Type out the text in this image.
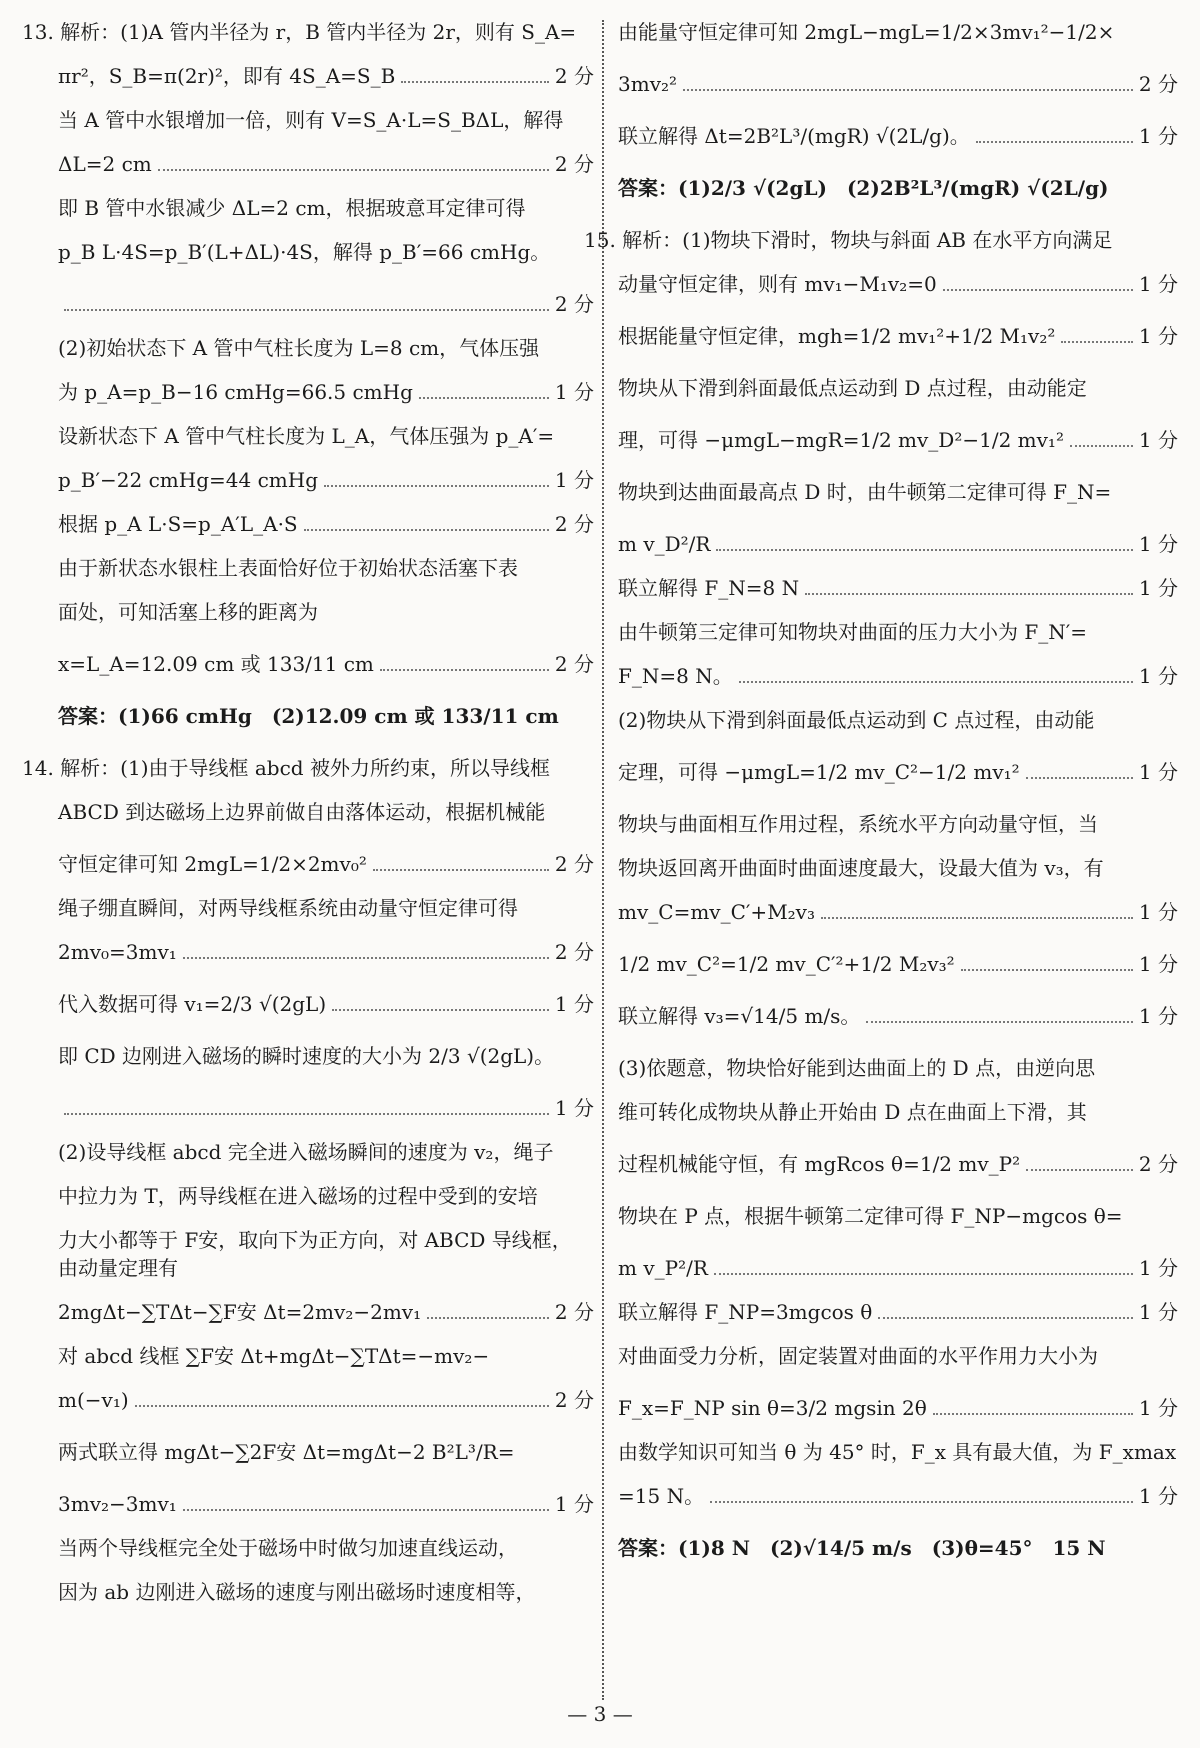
13. 解析：(1)A 管内半径为 r，B 管内半径为 2r，则有 S_A=
πr²，S_B=π(2r)²，即有 4S_A=S_B	2 分
当 A 管中水银增加一倍，则有 V=S_A·L=S_BΔL，解得
ΔL=2 cm	2 分
即 B 管中水银减少 ΔL=2 cm，根据玻意耳定律可得
p_B L·4S=p_B′(L+ΔL)·4S，解得 p_B′=66 cmHg。
2 分
(2)初始状态下 A 管中气柱长度为 L=8 cm，气体压强
为 p_A=p_B−16 cmHg=66.5 cmHg	1 分
设新状态下 A 管中气柱长度为 L_A，气体压强为 p_A′=
p_B′−22 cmHg=44 cmHg	1 分
根据 p_A L·S=p_A′L_A·S	2 分
由于新状态水银柱上表面恰好位于初始状态活塞下表
面处，可知活塞上移的距离为
x=L_A=12.09 cm 或 133/11 cm	2 分
答案：(1)66 cmHg　(2)12.09 cm 或 133/11 cm
14. 解析：(1)由于导线框 abcd 被外力所约束，所以导线框
ABCD 到达磁场上边界前做自由落体运动，根据机械能
守恒定律可知 2mgL=1/2×2mv₀²	2 分
绳子绷直瞬间，对两导线框系统由动量守恒定律可得
2mv₀=3mv₁	2 分
代入数据可得 v₁=2/3 √(2gL)	1 分
即 CD 边刚进入磁场的瞬时速度的大小为 2/3 √(2gL)。
1 分
(2)设导线框 abcd 完全进入磁场瞬间的速度为 v₂，绳子
中拉力为 T，两导线框在进入磁场的过程中受到的安培
力大小都等于 F安，取向下为正方向，对 ABCD 导线框，
由动量定理有
2mgΔt−∑TΔt−∑F安 Δt=2mv₂−2mv₁	2 分
对 abcd 线框 ∑F安 Δt+mgΔt−∑TΔt=−mv₂−
m(−v₁)	2 分
两式联立得 mgΔt−∑2F安 Δt=mgΔt−2 B²L³/R=
3mv₂−3mv₁	1 分
当两个导线框完全处于磁场中时做匀加速直线运动，
因为 ab 边刚进入磁场的速度与刚出磁场时速度相等，
由能量守恒定律可知 2mgL−mgL=1/2×3mv₁²−1/2×
3mv₂²	2 分
联立解得 Δt=2B²L³/(mgR) √(2L/g)。	1 分
答案：(1)2/3 √(2gL)　(2)2B²L³/(mgR) √(2L/g)
15. 解析：(1)物块下滑时，物块与斜面 AB 在水平方向满足
动量守恒定律，则有 mv₁−M₁v₂=0	1 分
根据能量守恒定律，mgh=1/2 mv₁²+1/2 M₁v₂²	1 分
物块从下滑到斜面最低点运动到 D 点过程，由动能定
理，可得 −μmgL−mgR=1/2 mv_D²−1/2 mv₁²	1 分
物块到达曲面最高点 D 时，由牛顿第二定律可得 F_N=
m v_D²/R	1 分
联立解得 F_N=8 N	1 分
由牛顿第三定律可知物块对曲面的压力大小为 F_N′=
F_N=8 N。	1 分
(2)物块从下滑到斜面最低点运动到 C 点过程，由动能
定理，可得 −μmgL=1/2 mv_C²−1/2 mv₁²	1 分
物块与曲面相互作用过程，系统水平方向动量守恒，当
物块返回离开曲面时曲面速度最大，设最大值为 v₃，有
mv_C=mv_C′+M₂v₃	1 分
1/2 mv_C²=1/2 mv_C′²+1/2 M₂v₃²	1 分
联立解得 v₃=√14/5 m/s。	1 分
(3)依题意，物块恰好能到达曲面上的 D 点，由逆向思
维可转化成物块从静止开始由 D 点在曲面上下滑，其
过程机械能守恒，有 mgRcos θ=1/2 mv_P²	2 分
物块在 P 点，根据牛顿第二定律可得 F_NP−mgcos θ=
m v_P²/R	1 分
联立解得 F_NP=3mgcos θ	1 分
对曲面受力分析，固定装置对曲面的水平作用力大小为
F_x=F_NP sin θ=3/2 mgsin 2θ	1 分
由数学知识可知当 θ 为 45° 时，F_x 具有最大值，为 F_xmax
=15 N。	1 分
答案：(1)8 N　(2)√14/5 m/s　(3)θ=45°　15 N
— 3 —
